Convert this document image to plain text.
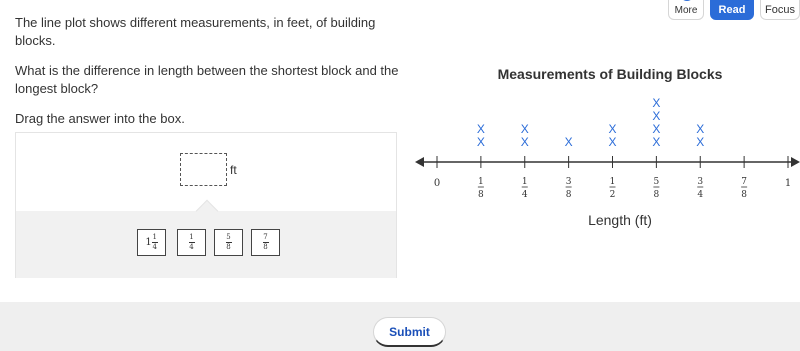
More Read Focus

The line plot shows different measurements, in feet, of building blocks.

What is the difference in length between the shortest block and the longest block?

Drag the answer into the box.

ft
$1 \frac{1}{4}$	$\frac{1}{4}$	$\frac{5}{8}$	$\frac{7}{8}$
Measurements of Building Blocks
0	1
8
1
4
3
8
1
2
5
8
3
4
7
8
1
X
X
X
X
X	X
X
X
X
X
X
X
X
Length (ft)
Submit
